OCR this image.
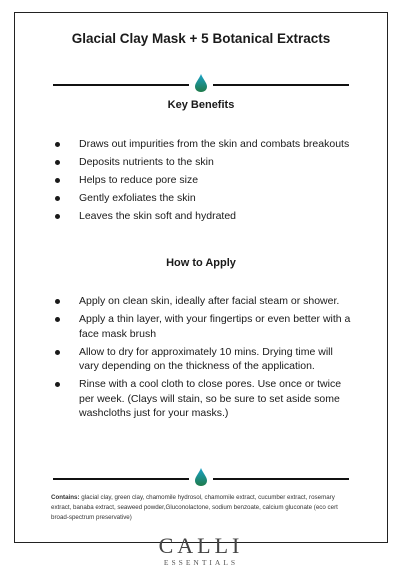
Glacial Clay Mask + 5 Botanical Extracts
Key Benefits
Draws out impurities from the skin and combats breakouts
Deposits nutrients to the skin
Helps to reduce pore size
Gently exfoliates the skin
Leaves the skin soft and hydrated
How to Apply
Apply on clean skin, ideally after facial steam or shower.
Apply a thin layer, with your fingertips or even better with a face mask brush
Allow to dry for approximately 10 mins. Drying time will vary depending on the thickness of the application.
Rinse with a cool cloth to close pores. Use once or twice per week. (Clays will stain, so be sure to set aside some washcloths just for your masks.)
Contains: glacial clay, green clay, chamomile hydrosol, chamomile extract, cucumber extract, rosemary extract, banaba extract, seaweed powder,Gluconolactone, sodium benzoate, calcium gluconate (eco cert broad-spectrum preservative)
CALLI
ESSENTIALS
